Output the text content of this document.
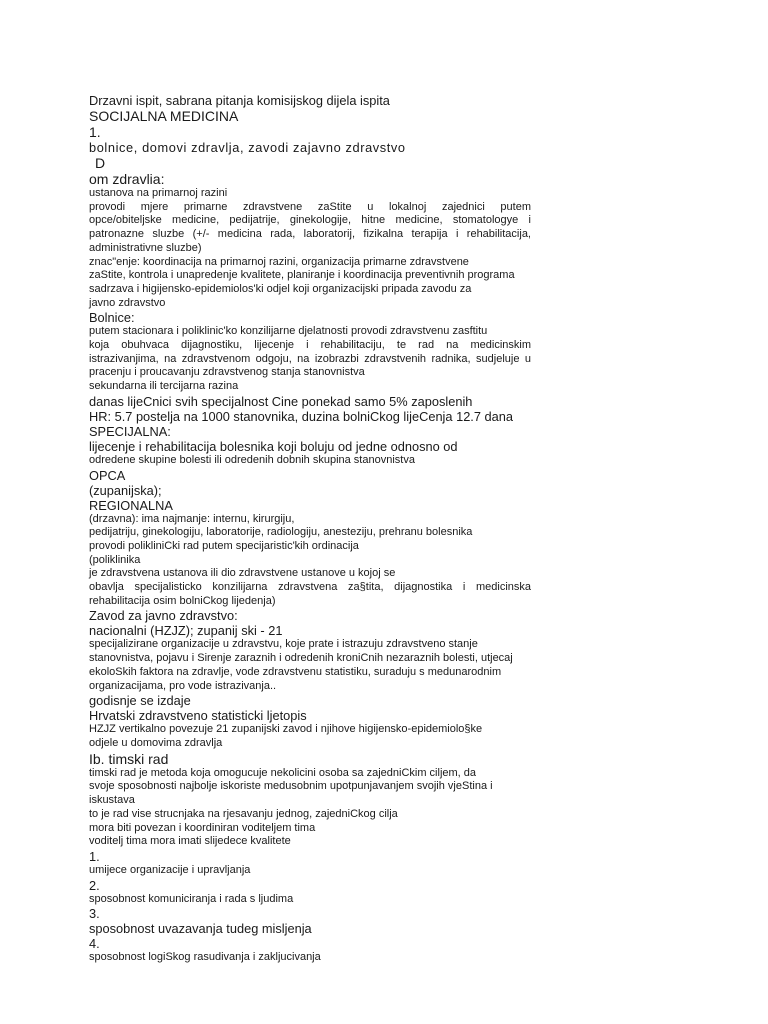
Drzavni ispit, sabrana pitanja komisijskog dijela ispita
SOCIJALNA MEDICINA
1.
bolnice, domovi zdravlja, zavodi zajavno zdravstvo
D
om zdravlia:
ustanova na primarnoj razini
provodi mjere primarne zdravstvene zaStite u lokalnoj zajednici putem
opce/obiteljske medicine, pedijatrije, ginekologije, hitne medicine, stomatologye i
patronazne sluzbe (+/- medicina rada, laboratorij, fizikalna terapija i rehabilitacija,
administrativne sluzbe)
znac"enje: koordinacija na primarnoj razini, organizacija primarne zdravstvene
zaStite, kontrola i unapredenje kvalitete, planiranje i koordinacija preventivnih programa
sadrzava i higijensko-epidemiolos'ki odjel koji organizacijski pripada zavodu za
javno zdravstvo
Bolnice:
putem stacionara i poliklinic'ko konzilijarne djelatnosti provodi zdravstvenu zasftitu
koja obuhvaca dijagnostiku, lijecenje i rehabilitaciju, te rad na medicinskim
istrazivanjima, na zdravstvenom odgoju, na izobrazbi zdravstvenih radnika, sudjeluje u
pracenju i proucavanju zdravstvenog stanja stanovnistva
sekundarna ili tercijarna razina
danas lijeCnici svih specijalnost Cine ponekad samo 5% zaposlenih
HR: 5.7 postelja na 1000 stanovnika, duzina bolniCkog lijeCenja 12.7 dana
SPECIJALNA:
lijecenje i rehabilitacija bolesnika koji boluju od jedne odnosno od
odredene skupine bolesti ili odredenih dobnih skupina stanovnistva
OPCA
(zupanijska);
REGIONALNA
(drzavna): ima najmanje: internu, kirurgiju,
pedijatriju, ginekologiju, laboratorije, radiologiju, anesteziju, prehranu bolesnika
provodi polikliniCki rad putem specijaristic'kih ordinacija
(poliklinika
je zdravstvena ustanova ili dio zdravstvene ustanove u kojoj se
obavlja specijalisticko konzilijarna zdravstvena za§tita, dijagnostika i medicinska
rehabilitacija osim bolniCkog lijedenja)
Zavod za javno zdravstvo:
nacionalni (HZJZ); zupanij ski - 21
specijalizirane organizacije u zdravstvu, koje prate i istrazuju zdravstveno stanje
stanovnistva, pojavu i Sirenje zaraznih i odredenih kroniCnih nezaraznih bolesti, utjecaj
ekoloSkih faktora na zdravlje, vode zdravstvenu statistiku, suraduju s medunarodnim
organizacijama, pro vode istrazivanja..
godisnje se izdaje
Hrvatski zdravstveno statisticki ljetopis
HZJZ vertikalno povezuje 21 zupanijski zavod i njihove higijensko-epidemiolo§ke
odjele u domovima zdravlja
Ib. timski rad
timski rad je metoda koja omogucuje nekolicini osoba sa zajedniCkim ciljem, da
svoje sposobnosti najbolje iskoriste medusobnim upotpunjavanjem svojih vjeStina i
iskustava
to je rad vise strucnjaka na rjesavanju jednog, zajedniCkog cilja
mora biti povezan i koordiniran voditeljem tima
voditelj tima mora imati slijedece kvalitete
1.
umijece organizacije i upravljanja
2.
sposobnost komuniciranja i rada s ljudima
3.
sposobnost uvazavanja tudeg misljenja
4.
sposobnost logiSkog rasudivanja i zakljucivanja
